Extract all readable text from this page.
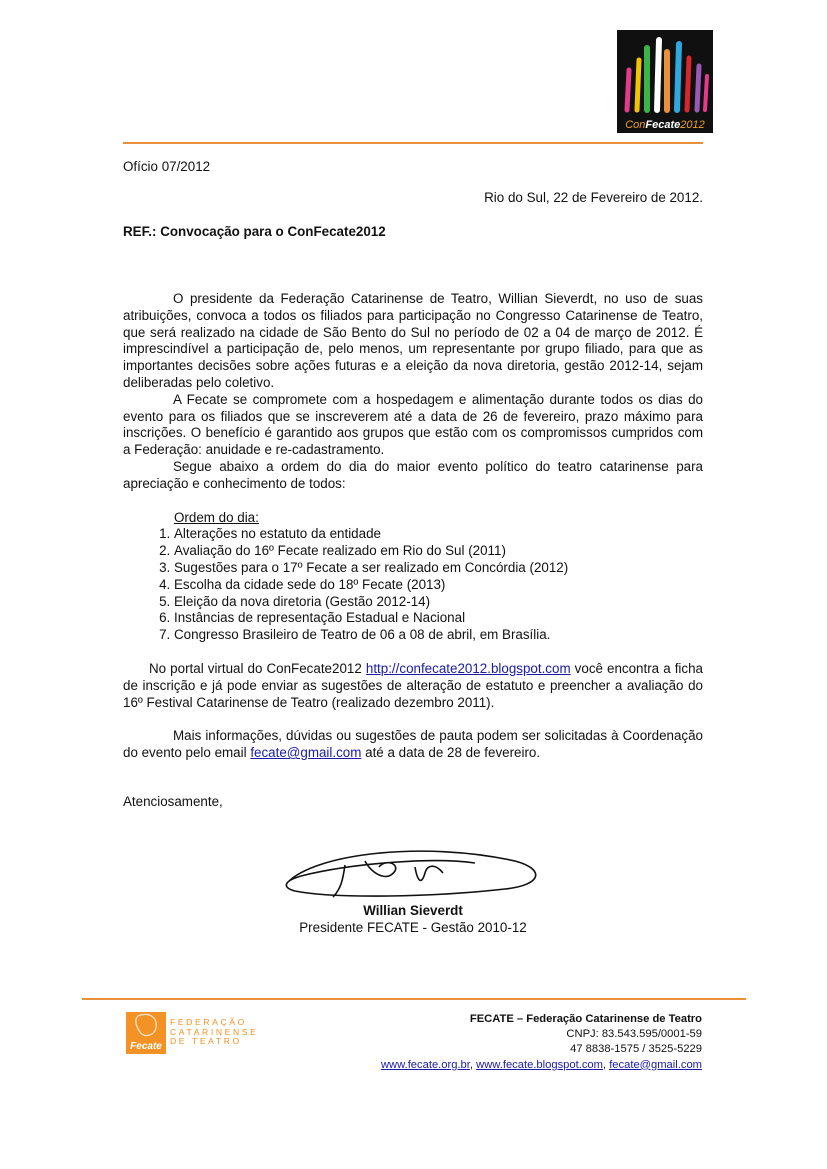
ConFecate2012
Ofício 07/2012
Rio do Sul, 22 de Fevereiro de 2012.
REF.: Convocação para o ConFecate2012
O presidente da Federação Catarinense de Teatro, Willian Sieverdt, no uso de suas atribuições, convoca a todos os filiados para participação no Congresso Catarinense de Teatro, que será realizado na cidade de São Bento do Sul no período de 02 a 04 de março de 2012. É imprescindível a participação de, pelo menos, um representante por grupo filiado, para que as importantes decisões sobre ações futuras e a eleição da nova diretoria, gestão 2012-14, sejam deliberadas pelo coletivo.
A Fecate se compromete com a hospedagem e alimentação durante todos os dias do evento para os filiados que se inscreverem até a data de 26 de fevereiro, prazo máximo para inscrições. O benefício é garantido aos grupos que estão com os compromissos cumpridos com a Federação: anuidade e re-cadastramento.
Segue abaixo a ordem do dia do maior evento político do teatro catarinense para apreciação e conhecimento de todos:
Ordem do dia:
1. Alterações no estatuto da entidade
2. Avaliação do 16º Fecate realizado em Rio do Sul (2011)
3. Sugestões para o 17º Fecate a ser realizado em Concórdia (2012)
4. Escolha da cidade sede do 18º Fecate (2013)
5. Eleição da nova diretoria (Gestão 2012-14)
6. Instâncias de representação Estadual e Nacional
7. Congresso Brasileiro de Teatro de 06 a 08 de abril, em Brasília.
No portal virtual do ConFecate2012 http://confecate2012.blogspot.com você encontra a ficha de inscrição e já pode enviar as sugestões de alteração de estatuto e preencher a avaliação do 16º Festival Catarinense de Teatro (realizado dezembro 2011).
Mais informações, dúvidas ou sugestões de pauta podem ser solicitadas à Coordenação do evento pelo email fecate@gmail.com até a data de 28 de fevereiro.
Atenciosamente,
Willian Sieverdt
Presidente FECATE - Gestão 2010-12
Fecate
FEDERAÇÃO
CATARINENSE
DE TEATRO
FECATE – Federação Catarinense de Teatro
CNPJ: 83.543.595/0001-59
47 8838-1575 / 3525-5229
www.fecate.org.br, www.fecate.blogspot.com, fecate@gmail.com
